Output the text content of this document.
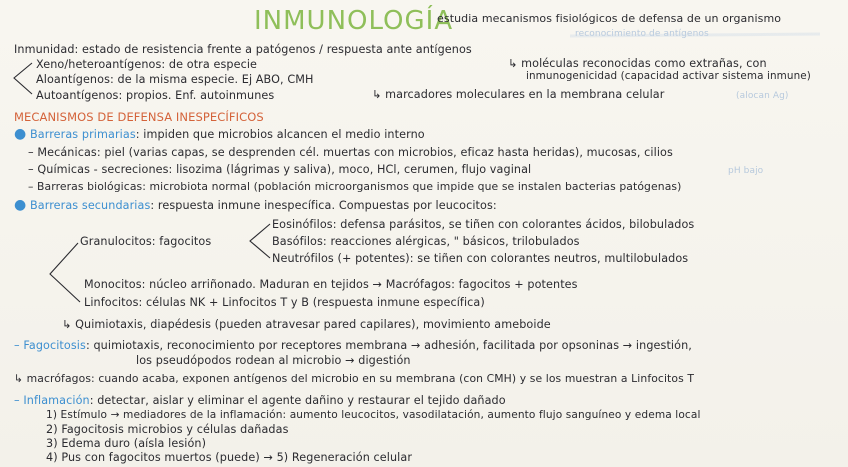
INMUNOLOGÍA
estudia mecanismos fisiológicos de defensa de un organismo
reconocimiento de antígenos
Inmunidad: estado de resistencia frente a patógenos / respuesta ante antígenos
Xeno/heteroantígenos: de otra especie
Aloantígenos: de la misma especie. Ej ABO, CMH
Autoantígenos: propios. Enf. autoinmunes
↳ moléculas reconocidas como extrañas, con
inmunogenicidad (capacidad activar sistema inmune)
↳ marcadores moleculares en la membrana celular	(alocan Ag)
MECANISMOS DE DEFENSA INESPECÍFICOS
● Barreras primarias: impiden que microbios alcancen el medio interno
– Mecánicas: piel (varias capas, se desprenden cél. muertas con microbios, eficaz hasta heridas), mucosas, cilios
– Químicas - secreciones: lisozima (lágrimas y saliva), moco, HCl, cerumen, flujo vaginal	pH bajo
– Barreras biológicas: microbiota normal (población microorganismos que impide que se instalen bacterias patógenas)
● Barreras secundarias: respuesta inmune inespecífica. Compuestas por leucocitos:
Granulocitos: fagocitos
Eosinófilos: defensa parásitos, se tiñen con colorantes ácidos, bilobulados
Basófilos: reacciones alérgicas, " básicos, trilobulados
Neutrófilos (+ potentes): se tiñen con colorantes neutros, multilobulados
Monocitos: núcleo arriñonado. Maduran en tejidos → Macrófagos: fagocitos + potentes
Linfocitos: células NK + Linfocitos T y B (respuesta inmune específica)
↳ Quimiotaxis, diapédesis (pueden atravesar pared capilares), movimiento ameboide
– Fagocitosis: quimiotaxis, reconocimiento por receptores membrana → adhesión, facilitada por opsoninas → ingestión,
los pseudópodos rodean al microbio → digestión
↳ macrófagos: cuando acaba, exponen antígenos del microbio en su membrana (con CMH) y se los muestran a Linfocitos T
– Inflamación: detectar, aislar y eliminar el agente dañino y restaurar el tejido dañado
1) Estímulo → mediadores de la inflamación: aumento leucocitos, vasodilatación, aumento flujo sanguíneo y edema local
2) Fagocitosis microbios y células dañadas
3) Edema duro (aísla lesión)
4) Pus con fagocitos muertos (puede) → 5) Regeneración celular
